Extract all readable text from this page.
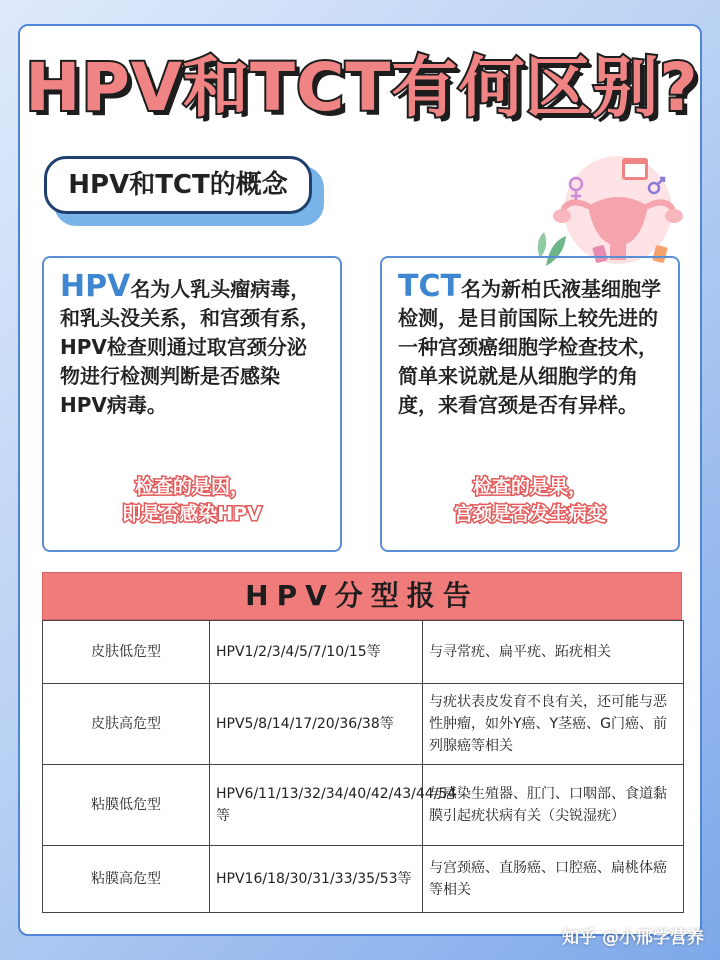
HPV和TCT有何区别?
HPV和TCT的概念
HPV名为人乳头瘤病毒，和乳头没关系，和宫颈有系，HPV检查则通过取宫颈分泌物进行检测判断是否感染HPV病毒。
检查的是因，
即是否感染HPV
TCT名为新柏氏液基细胞学检测，是目前国际上较先进的一种宫颈癌细胞学检查技术，简单来说就是从细胞学的角度，来看宫颈是否有异样。
检查的是果，
宫颈是否发生病变
HPV分型报告
皮肤低危型	HPV1/2/3/4/5/7/10/15等	与寻常疣、扁平疣、跖疣相关
皮肤高危型	HPV5/8/14/17/20/36/38等	与疣状表皮发育不良有关，还可能与恶性肿瘤，如外Y癌、Y茎癌、G门癌、前列腺癌等相关
粘膜低危型	HPV6/11/13/32/34/40/42/43/44/54等	与感染生殖器、肛门、口咽部、食道黏膜引起疣状病有关（尖锐湿疣）
粘膜高危型	HPV16/18/30/31/33/35/53等	与宫颈癌、直肠癌、口腔癌、扁桃体癌等相关
知乎 @小邢学营养
